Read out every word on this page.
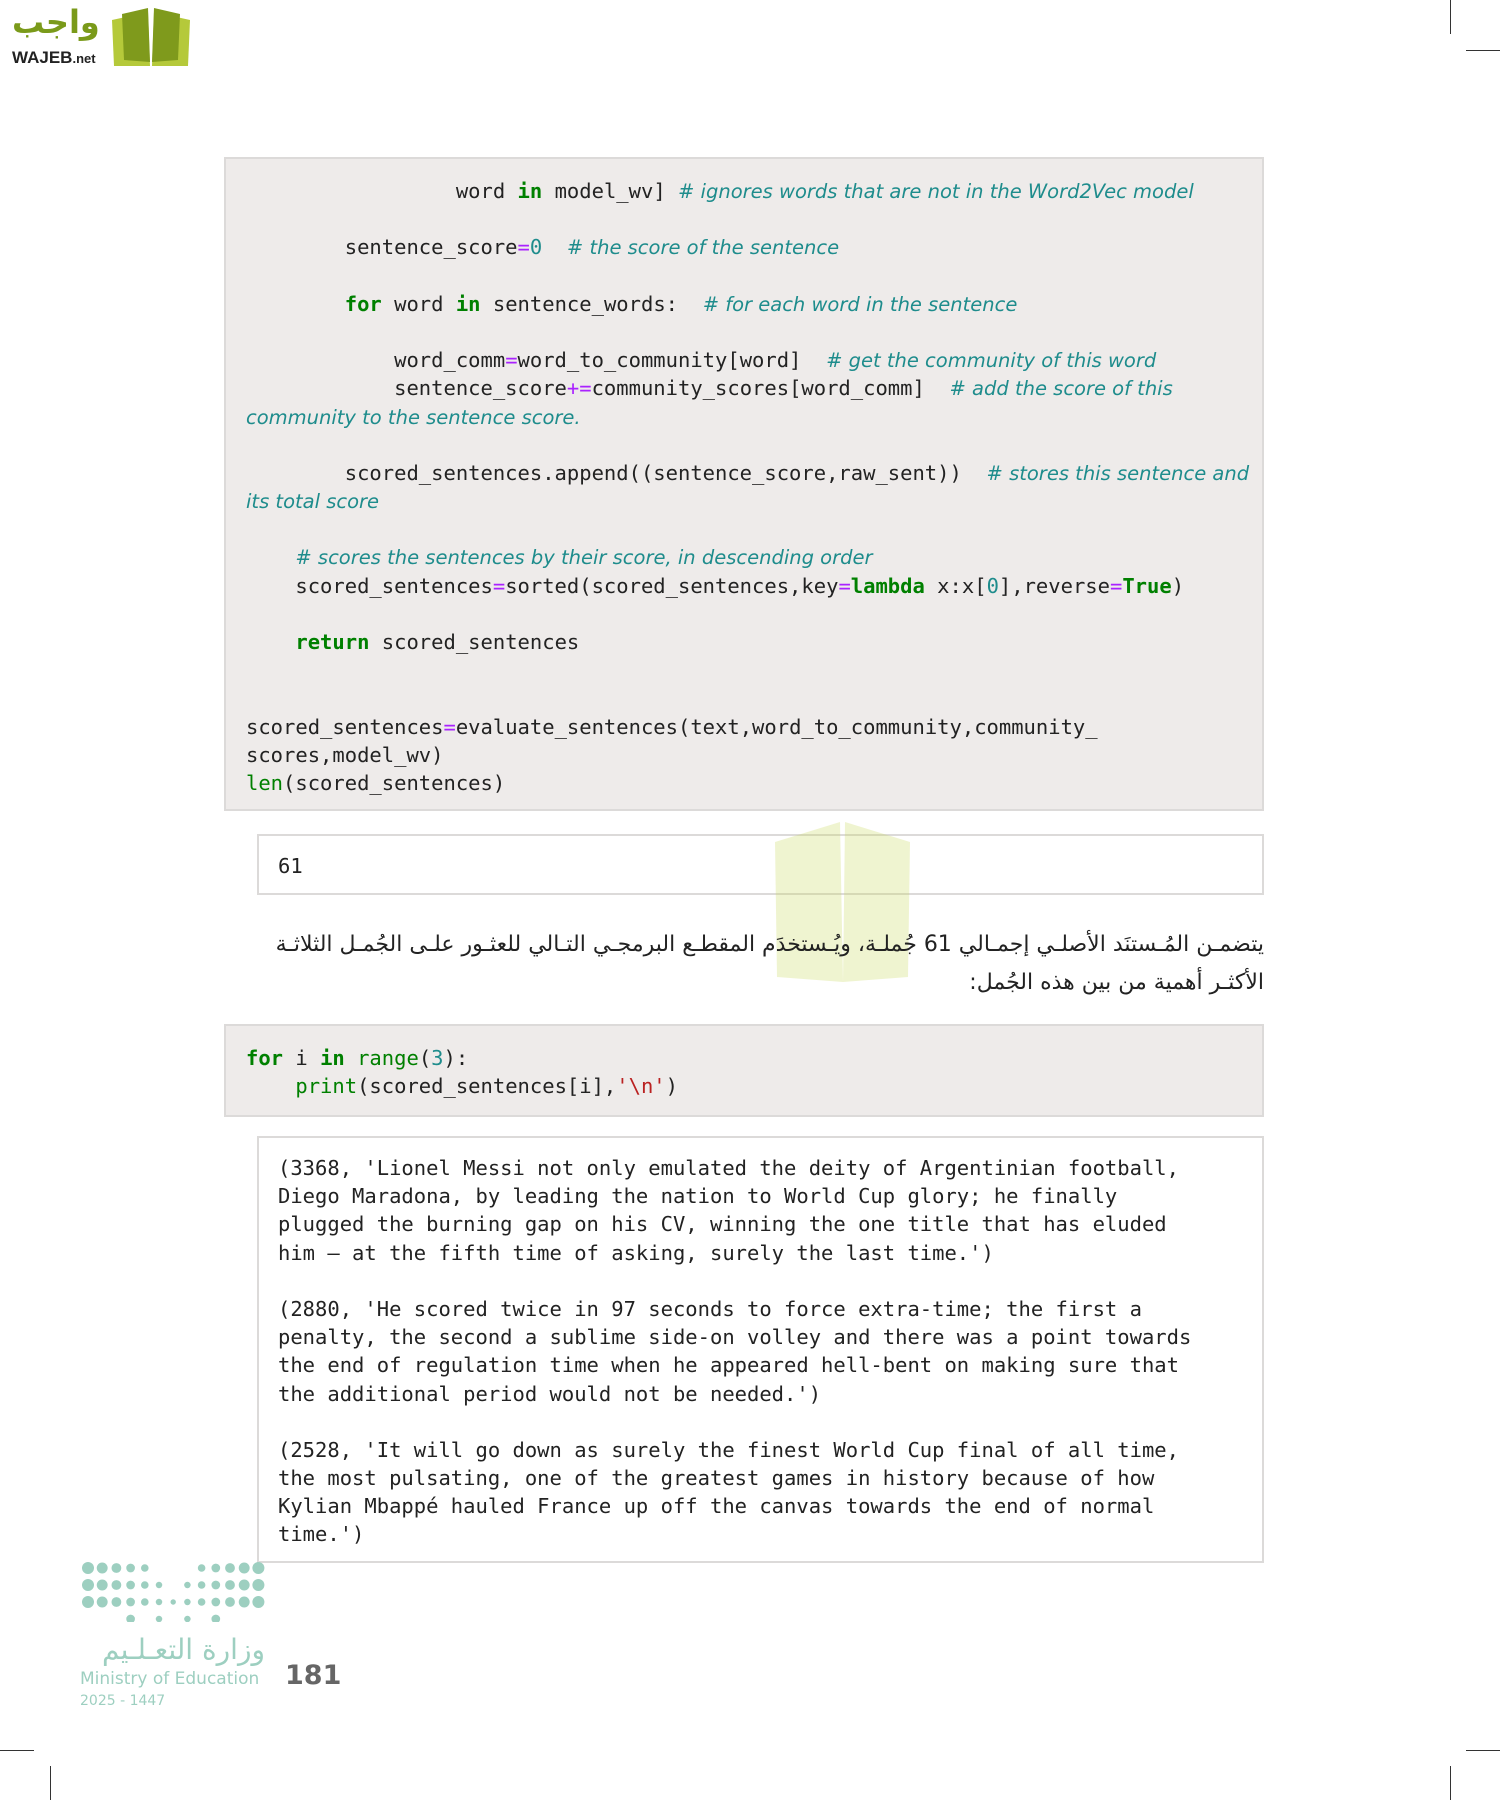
واجب
WAJEB.net
word in model_wv] # ignores words that are not in the Word2Vec model
sentence_score=0 # the score of the sentence
for word in sentence_words:  # for each word in the sentence
word_comm=word_to_community[word]  # get the community of this word
sentence_score+=community_scores[word_comm]  # add the score of this
community to the sentence score.
scored_sentences.append((sentence_score,raw_sent))  # stores this sentence and
its total score
# scores the sentences by their score, in descending order
scored_sentences=sorted(scored_sentences,key=lambda x:x[0],reverse=True)
return scored_sentences
scored_sentences=evaluate_sentences(text,word_to_community,community_
scores,model_wv)
len(scored_sentences)
61
يتضمـن المُـستنَد الأصلـي إجمـالي 61 جُملـة، ويُـستخدَم المقطـع البرمجـي التـالي للعثـور علـى الجُمـل الثلاثـة الأكثـر أهمية من بين هذه الجُمل:
for i in range(3):
print(scored_sentences[i],'\n')
(3368, 'Lionel Messi not only emulated the deity of Argentinian football,
Diego Maradona, by leading the nation to World Cup glory; he finally
plugged the burning gap on his CV, winning the one title that has eluded
him – at the fifth time of asking, surely the last time.')
(2880, 'He scored twice in 97 seconds to force extra-time; the first a
penalty, the second a sublime side-on volley and there was a point towards
the end of regulation time when he appeared hell-bent on making sure that
the additional period would not be needed.')
(2528, 'It will go down as surely the finest World Cup final of all time,
the most pulsating, one of the greatest games in history because of how
Kylian Mbappé hauled France up off the canvas towards the end of normal
time.')
وزارة التعـلـيم
Ministry of Education
2025 - 1447
181
